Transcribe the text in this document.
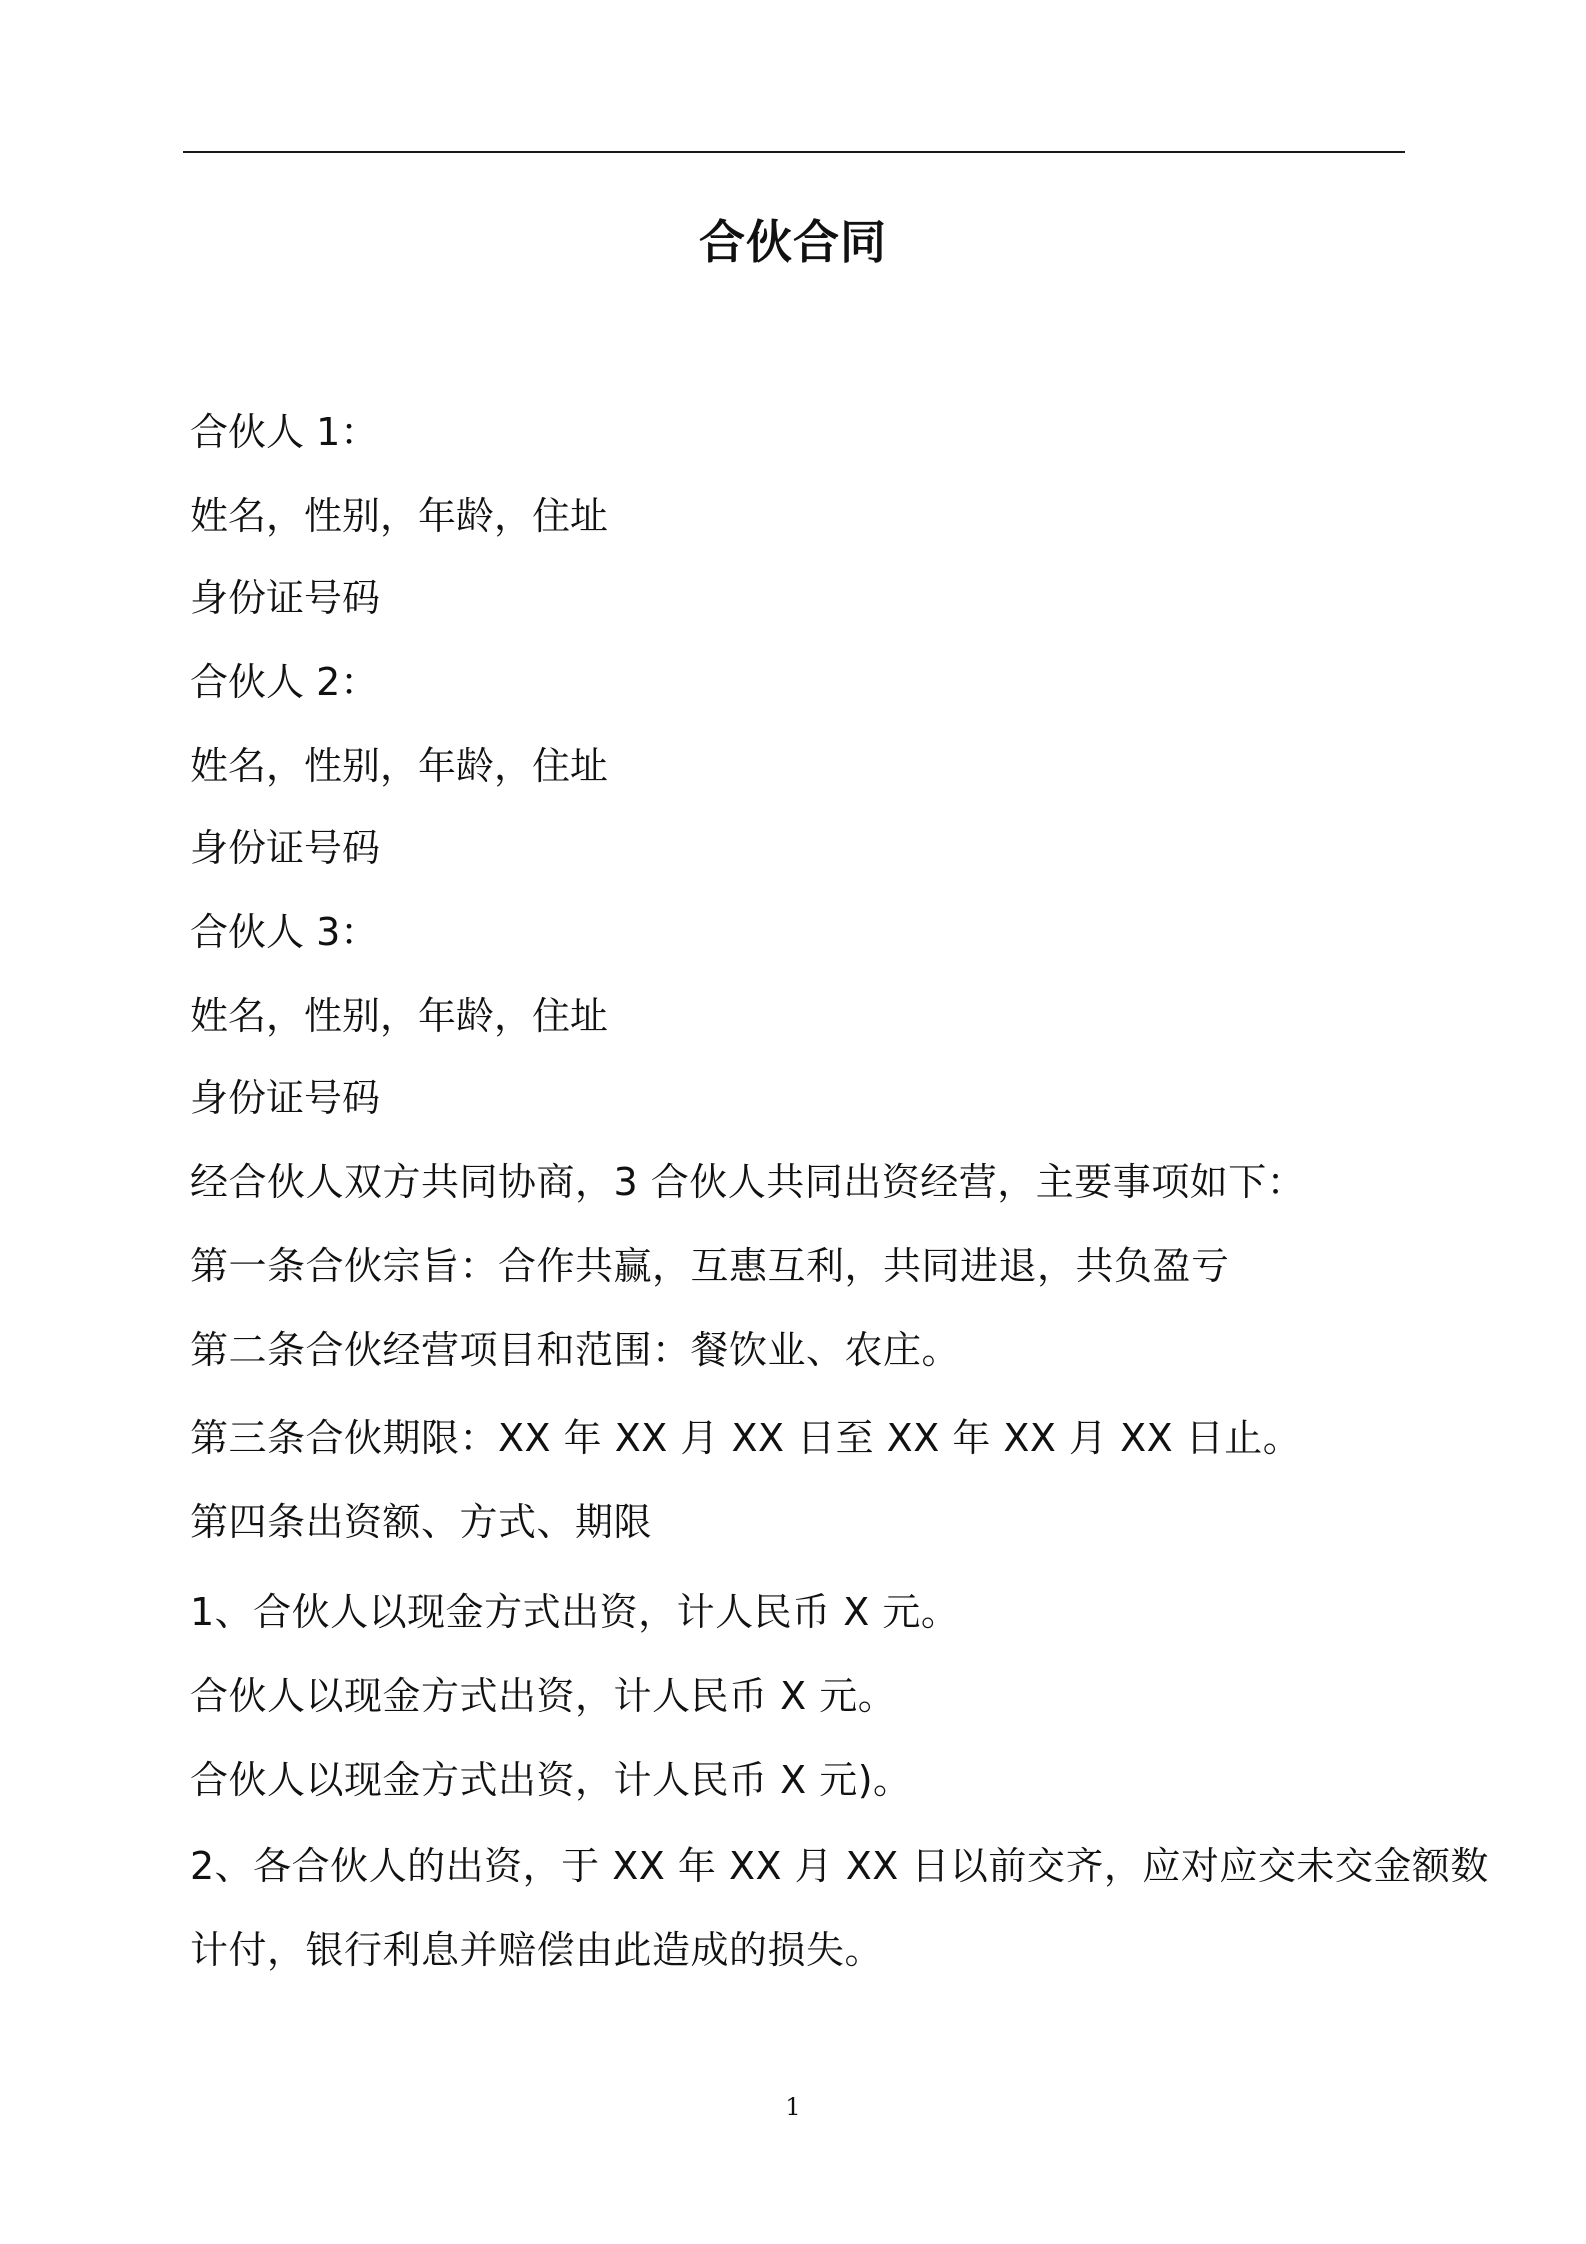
合伙合同
合伙人 1：
姓名，性别，年龄，住址
身份证号码
合伙人 2：
姓名，性别，年龄，住址
身份证号码
合伙人 3：
姓名，性别，年龄，住址
身份证号码
经合伙人双方共同协商，3 合伙人共同出资经营，主要事项如下：
第一条合伙宗旨：合作共赢，互惠互利，共同进退，共负盈亏
第二条合伙经营项目和范围：餐饮业、农庄。
第三条合伙期限：XX 年 XX 月 XX 日至 XX 年 XX 月 XX 日止。
第四条出资额、方式、期限
1、合伙人以现金方式出资，计人民币 X 元。
合伙人以现金方式出资，计人民币 X 元。
合伙人以现金方式出资，计人民币 X 元)。
2、各合伙人的出资，于 XX 年 XX 月 XX 日以前交齐，应对应交未交金额数
计付，银行利息并赔偿由此造成的损失。
1
